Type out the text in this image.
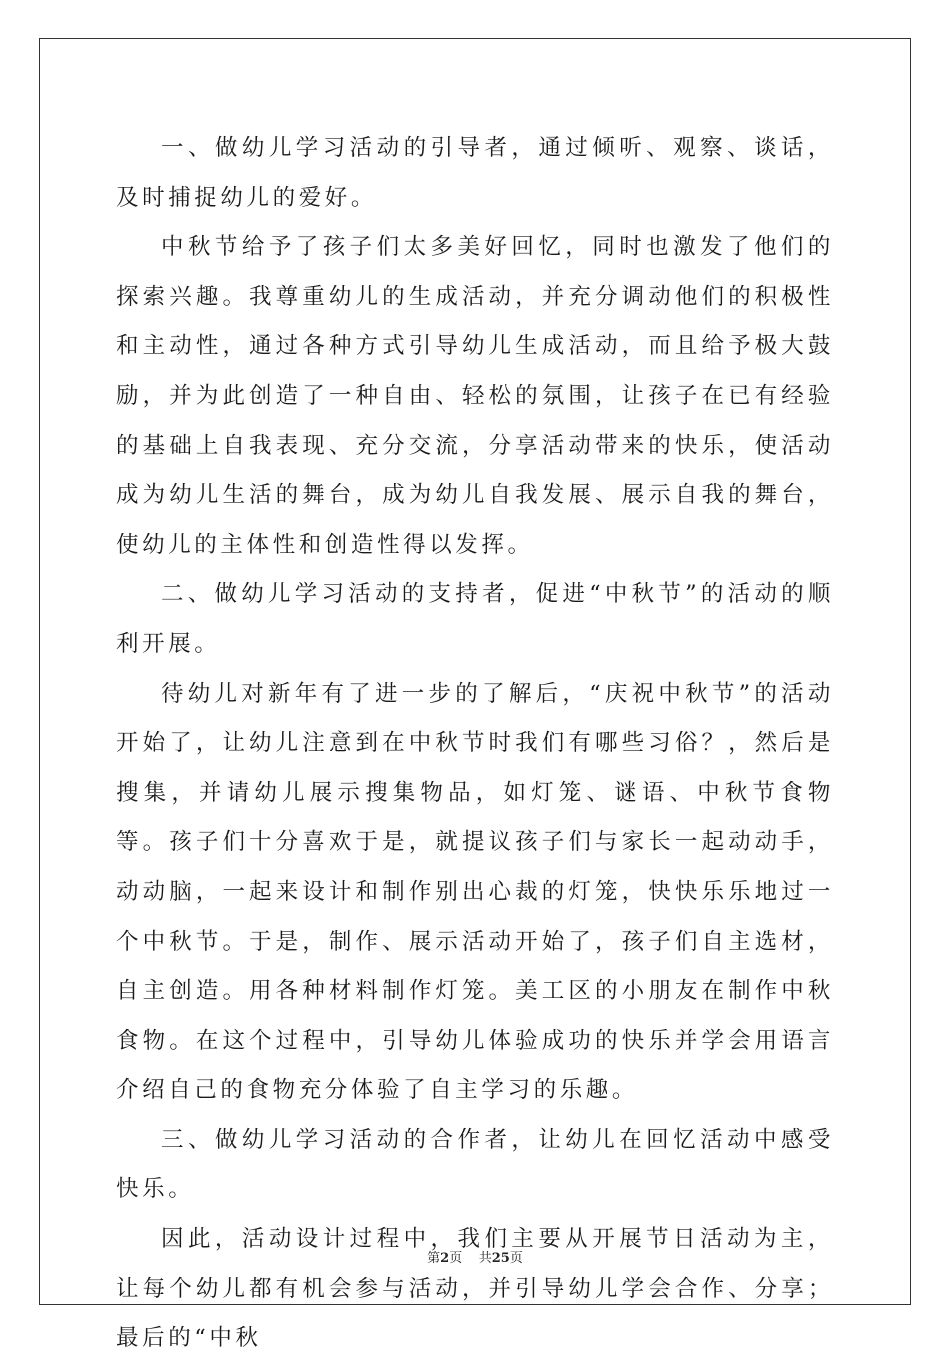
一、做幼儿学习活动的引导者，通过倾听、观察、谈话，及时捕捉幼儿的爱好。

中秋节给予了孩子们太多美好回忆，同时也激发了他们的探索兴趣。我尊重幼儿的生成活动，并充分调动他们的积极性和主动性，通过各种方式引导幼儿生成活动，而且给予极大鼓励，并为此创造了一种自由、轻松的氛围，让孩子在已有经验的基础上自我表现、充分交流，分享活动带来的快乐，使活动成为幼儿生活的舞台，成为幼儿自我发展、展示自我的舞台，使幼儿的主体性和创造性得以发挥。

二、做幼儿学习活动的支持者，促进“中秋节”的活动的顺利开展。

待幼儿对新年有了进一步的了解后，“庆祝中秋节”的活动开始了，让幼儿注意到在中秋节时我们有哪些习俗？，然后是搜集，并请幼儿展示搜集物品，如灯笼、谜语、中秋节食物等。孩子们十分喜欢于是，就提议孩子们与家长一起动动手，动动脑，一起来设计和制作别出心裁的灯笼，快快乐乐地过一个中秋节。于是，制作、展示活动开始了，孩子们自主选材，自主创造。用各种材料制作灯笼。美工区的小朋友在制作中秋食物。在这个过程中，引导幼儿体验成功的快乐并学会用语言介绍自己的食物充分体验了自主学习的乐趣。

三、做幼儿学习活动的合作者，让幼儿在回忆活动中感受快乐。

因此，活动设计过程中，我们主要从开展节日活动为主，让每个幼儿都有机会参与活动，并引导幼儿学会合作、分享；最后的“中秋

第2页 共25页
